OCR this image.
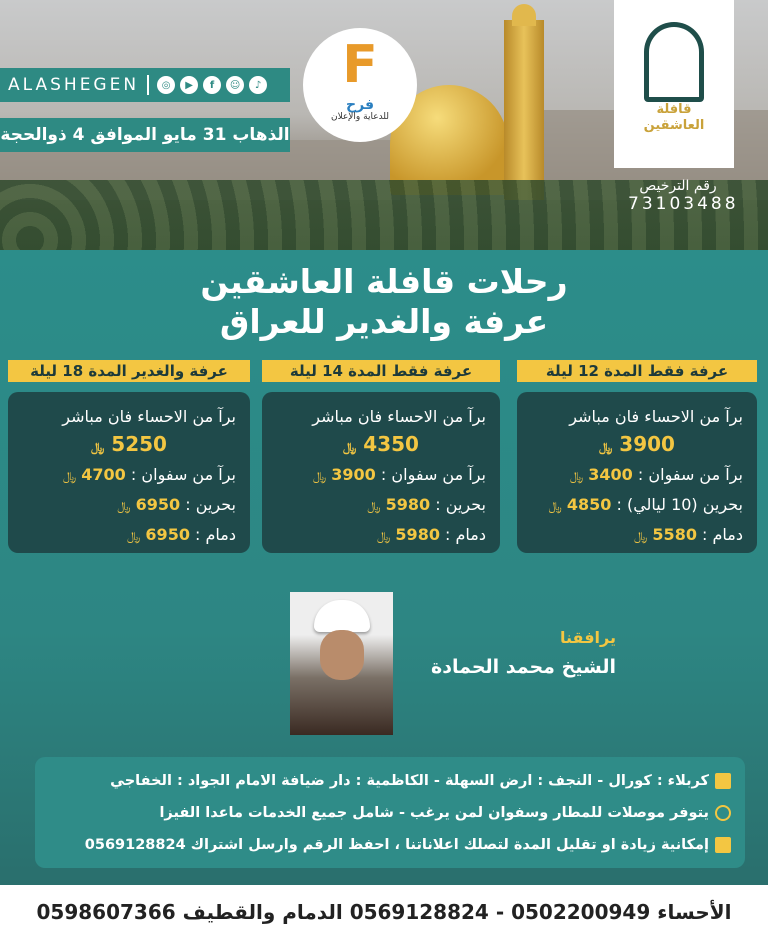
ALASHEGEN	◎	▶	f	☺	♪
الذهاب 31 مايو الموافق 4 ذوالحجة
F
فرح
للدعاية والإعلان	قافلة
العاشقين
رقم الترخيص
73103488
رحلات قافلة العاشقين
عرفة والغدير للعراق
عرفة فقط المدة 12 ليلة
برآ من الاحساء فان مباشر
3900 ﷼
برآ من سفوان : 3400 ﷼
بحرين (10 ليالي) : 4850 ﷼
دمام : 5580 ﷼
عرفة فقط المدة 14 ليلة
برآ من الاحساء فان مباشر
4350 ﷼
برآ من سفوان : 3900 ﷼
بحرين : 5980 ﷼
دمام : 5980 ﷼
عرفة والغدير المدة 18 ليلة
برآ من الاحساء فان مباشر
5250 ﷼
برآ من سفوان : 4700 ﷼
بحرين : 6950 ﷼
دمام : 6950 ﷼
يرافقنا
الشيخ محمد الحمادة
كربلاء : كورال - النجف : ارض السهلة - الكاظمية : دار ضيافة الامام الجواد : الخفاجي
يتوفر موصلات للمطار وسفوان لمن يرغب - شامل جميع الخدمات ماعدا الفيزا
إمكانية زيادة او تقليل المدة لتصلك اعلاناتنا ، احفظ الرقم وارسل اشتراك 0569128824
الأحساء 0502200949 - 0569128824 الدمام والقطيف 0598607366
